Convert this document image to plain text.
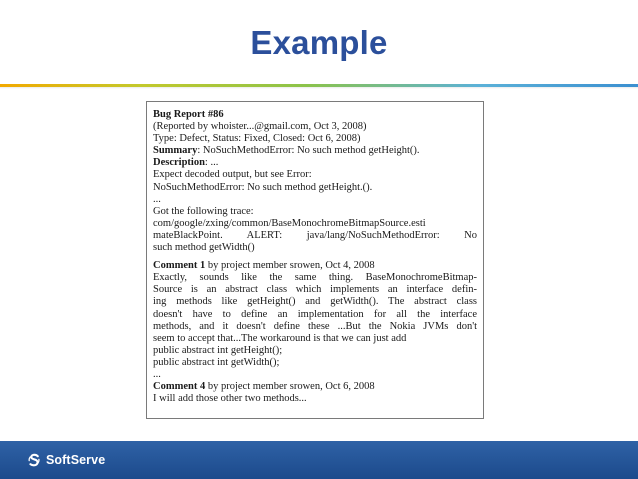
Example
Bug Report #86
(Reported by whoister...@gmail.com, Oct 3, 2008)
Type: Defect, Status: Fixed, Closed: Oct 6, 2008)
Summary: NoSuchMethodError: No such method getHeight().
Description: ...
Expect decoded output, but see Error:
NoSuchMethodError: No such method getHeight.().
...
Got the following trace:
com/google/zxing/common/BaseMonochromeBitmapSource.esti
mateBlackPoint. ALERT: java/lang/NoSuchMethodError: No
such method getWidth()
Comment 1 by project member srowen, Oct 4, 2008
Exactly, sounds like the same thing. BaseMonochromeBitmap-
Source is an abstract class which implements an interface defin-
ing methods like getHeight() and getWidth(). The abstract class
doesn't have to define an implementation for all the interface
methods, and it doesn't define these ...But the Nokia JVMs don't
seem to accept that...The workaround is that we can just add
public abstract int getHeight();
public abstract int getWidth();
...
Comment 4 by project member srowen, Oct 6, 2008
I will add those other two methods...
SoftServe
